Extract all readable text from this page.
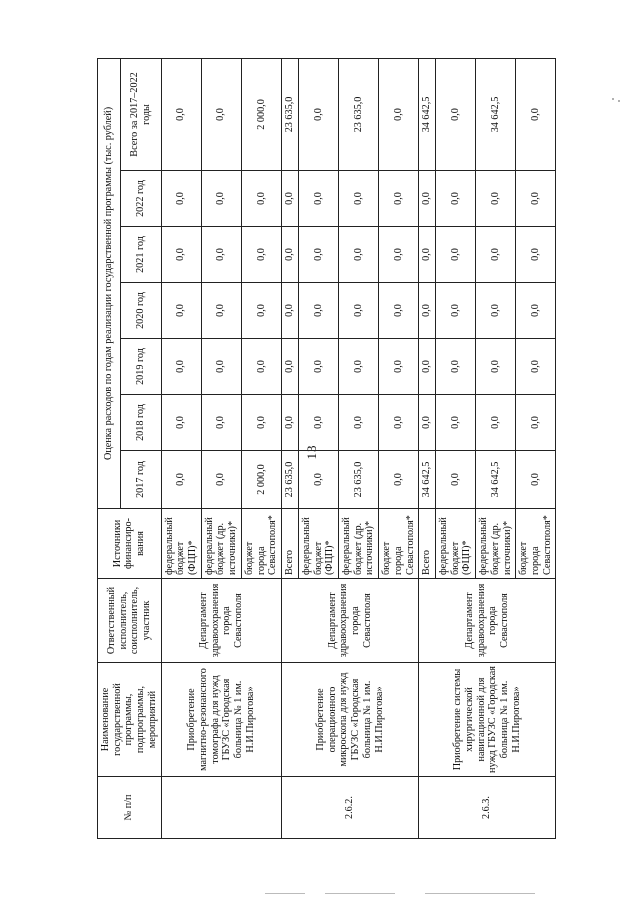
13
№ п/п	Наименование государственной программы, подпрограммы, мероприятий	Ответственный исполнитель, соисполнитель, участник	Источники финансиро-вания	Оценка расходов по годам реализации государственной программы (тыс. рублей)						
				2017 год	2018 год	2019 год	2020 год	2021 год	2022 год	Всего за 2017–2022 годы
	Приобретение магнитно-резонансного томографа для нужд ГБУЗС «Городская больница № 1 им. Н.И.Пирогова»	Департамент здравоохранения города Севастополя	федеральный бюджет (ФЦП)*	0,0	0,0	0,0	0,0	0,0	0,0	0,0
			федеральный бюджет (др. источники)*	0,0	0,0	0,0	0,0	0,0	0,0	0,0
			бюджет города Севастополя*	2 000,0	0,0	0,0	0,0	0,0	0,0	2 000,0
2.6.2.	Приобретение операционного микроскопа для нужд ГБУЗС «Городская больница № 1 им. Н.И.Пирогова»	Департамент здравоохранения города Севастополя	Всего	23 635,0	0,0	0,0	0,0	0,0	0,0	23 635,0
			федеральный бюджет (ФЦП)*	0,0	0,0	0,0	0,0	0,0	0,0	0,0
			федеральный бюджет (др. источники)*	23 635,0	0,0	0,0	0,0	0,0	0,0	23 635,0
			бюджет города Севастополя*	0,0	0,0	0,0	0,0	0,0	0,0	0,0
2.6.3.	Приобретение системы хирургической навигационной для нужд ГБУЗС «Городская больница № 1 им. Н.И.Пирогова»	Департамент здравоохранения города Севастополя	Всего	34 642,5	0,0	0,0	0,0	0,0	0,0	34 642,5
			федеральный бюджет (ФЦП)*	0,0	0,0	0,0	0,0	0,0	0,0	0,0
			федеральный бюджет (др. источники)*	34 642,5	0,0	0,0	0,0	0,0	0,0	34 642,5
			бюджет города Севастополя*	0,0	0,0	0,0	0,0	0,0	0,0	0,0
